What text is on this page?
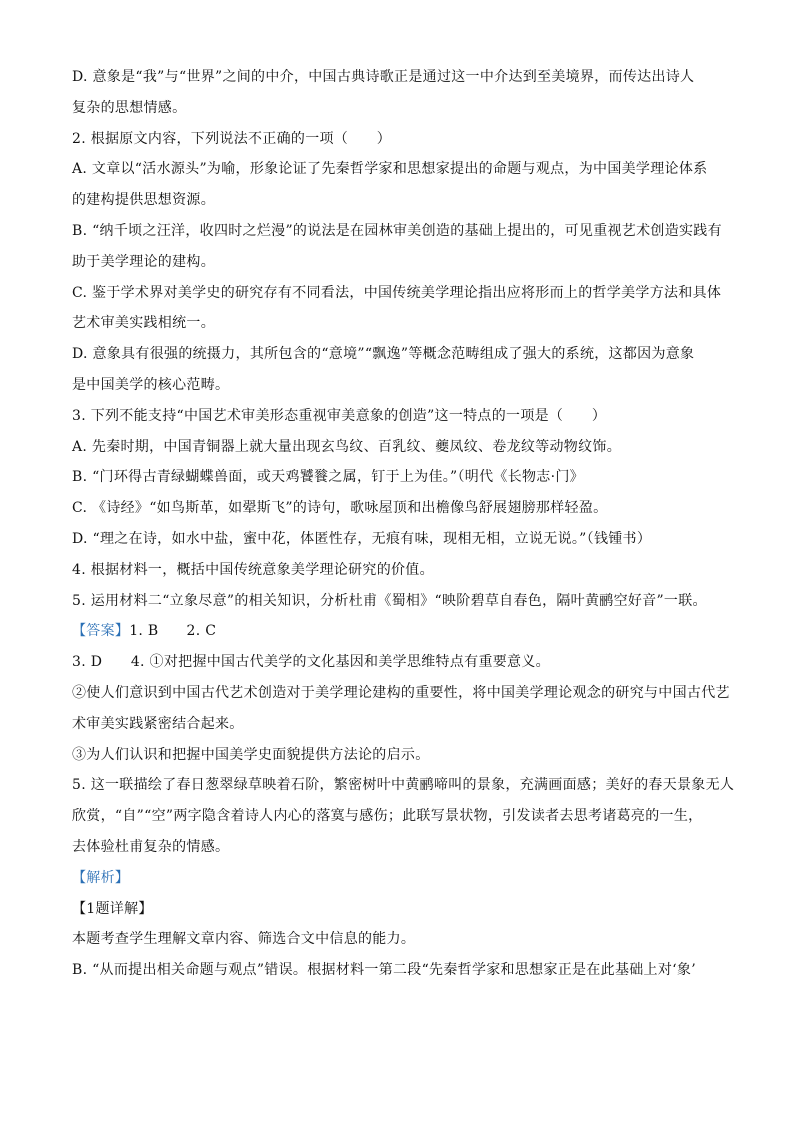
D. 意象是“我”与“世界”之间的中介，中国古典诗歌正是通过这一中介达到至美境界，而传达出诗人
复杂的思想情感。
2. 根据原文内容，下列说法不正确的一项（　　）
A. 文章以“活水源头”为喻，形象论证了先秦哲学家和思想家提出的命题与观点，为中国美学理论体系
的建构提供思想资源。
B. “纳千顷之汪洋，收四时之烂漫”的说法是在园林审美创造的基础上提出的，可见重视艺术创造实践有
助于美学理论的建构。
C. 鉴于学术界对美学史的研究存有不同看法，中国传统美学理论指出应将形而上的哲学美学方法和具体
艺术审美实践相统一。
D. 意象具有很强的统摄力，其所包含的“意境”“飘逸”等概念范畴组成了强大的系统，这都因为意象
是中国美学的核心范畴。
3. 下列不能支持“中国艺术审美形态重视审美意象的创造”这一特点的一项是（　　）
A. 先秦时期，中国青铜器上就大量出现玄鸟纹、百乳纹、夔凤纹、卷龙纹等动物纹饰。
B. “门环得古青绿蝴蝶兽面，或天鸡饕餮之属，钉于上为佳。”（明代《长物志·门》
C. 《诗经》“如鸟斯革，如翚斯飞”的诗句，歌咏屋顶和出檐像鸟舒展翅膀那样轻盈。
D. “理之在诗，如水中盐，蜜中花，体匿性存，无痕有味，现相无相，立说无说。”（钱锺书）
4. 根据材料一，概括中国传统意象美学理论研究的价值。
5. 运用材料二“立象尽意”的相关知识，分析杜甫《蜀相》“映阶碧草自春色，隔叶黄鹂空好音”一联。
【答案】1. B 2. C
3. D　　4. ①对把握中国古代美学的文化基因和美学思维特点有重要意义。
②使人们意识到中国古代艺术创造对于美学理论建构的重要性，将中国美学理论观念的研究与中国古代艺
术审美实践紧密结合起来。
③为人们认识和把握中国美学史面貌提供方法论的启示。
5. 这一联描绘了春日葱翠绿草映着石阶，繁密树叶中黄鹂啼叫的景象，充满画面感；美好的春天景象无人
欣赏，“自”“空”两字隐含着诗人内心的落寞与感伤；此联写景状物，引发读者去思考诸葛亮的一生，
去体验杜甫复杂的情感。
【解析】
【1题详解】
本题考查学生理解文章内容、筛选合文中信息的能力。
B. “从而提出相关命题与观点”错误。根据材料一第二段“先秦哲学家和思想家正是在此基础上对‘象’
